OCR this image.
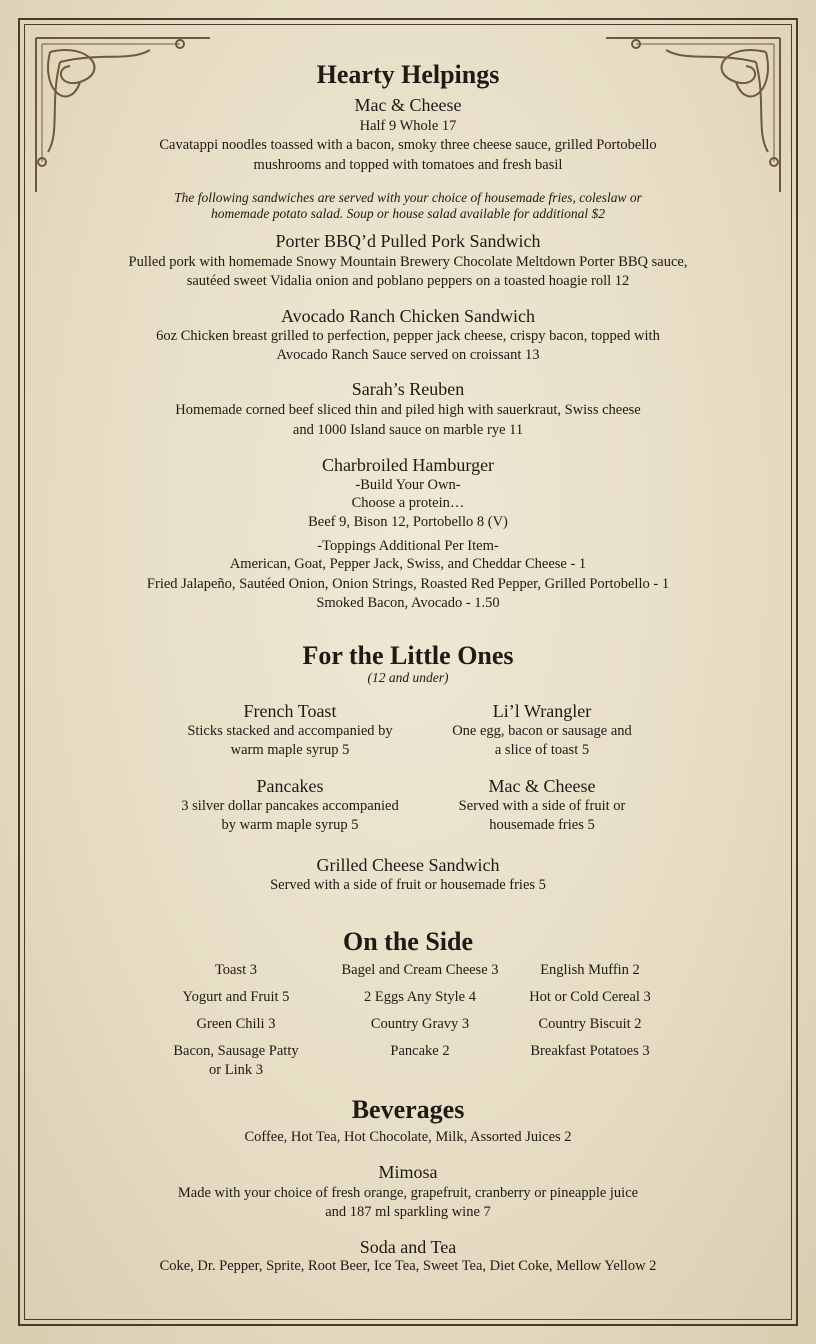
Hearty Helpings
Mac & Cheese
Half 9 Whole 17
Cavatappi noodles toassed with a bacon, smoky three cheese sauce, grilled Portobello
mushrooms and topped with tomatoes and fresh basil
The following sandwiches are served with your choice of housemade fries, coleslaw or
homemade potato salad. Soup or house salad available for additional $2
Porter BBQ’d Pulled Pork Sandwich
Pulled pork with homemade Snowy Mountain Brewery Chocolate Meltdown Porter BBQ sauce,
sautéed sweet Vidalia onion and poblano peppers on a toasted hoagie roll 12
Avocado Ranch Chicken Sandwich
6oz Chicken breast grilled to perfection, pepper jack cheese, crispy bacon, topped with
Avocado Ranch Sauce served on croissant 13
Sarah’s Reuben
Homemade corned beef sliced thin and piled high with sauerkraut, Swiss cheese
and 1000 Island sauce on marble rye 11
Charbroiled Hamburger
-Build Your Own-
Choose a protein…
Beef 9, Bison 12, Portobello 8 (V)
-Toppings Additional Per Item-
American, Goat, Pepper Jack, Swiss, and Cheddar Cheese - 1
Fried Jalapeño, Sautéed Onion, Onion Strings, Roasted Red Pepper, Grilled Portobello - 1
Smoked Bacon, Avocado - 1.50
For the Little Ones
(12 and under)
French Toast
Sticks stacked and accompanied by
warm maple syrup 5
Li’l Wrangler
One egg, bacon or sausage and
a slice of toast 5
Pancakes
3 silver dollar pancakes accompanied
by warm maple syrup 5
Mac & Cheese
Served with a side of fruit or
housemade fries 5
Grilled Cheese Sandwich
Served with a side of fruit or housemade fries 5
On the Side
Toast 3	Bagel and Cream Cheese 3	English Muffin 2
Yogurt and Fruit 5	2 Eggs Any Style 4	Hot or Cold Cereal 3
Green Chili 3	Country Gravy 3	Country Biscuit 2
Bacon, Sausage Patty	Pancake 2	Breakfast Potatoes 3
or Link 3
Beverages
Coffee, Hot Tea, Hot Chocolate, Milk, Assorted Juices 2
Mimosa
Made with your choice of fresh orange, grapefruit, cranberry or pineapple juice
and 187 ml sparkling wine 7
Soda and Tea
Coke, Dr. Pepper, Sprite, Root Beer, Ice Tea, Sweet Tea, Diet Coke, Mellow Yellow 2
